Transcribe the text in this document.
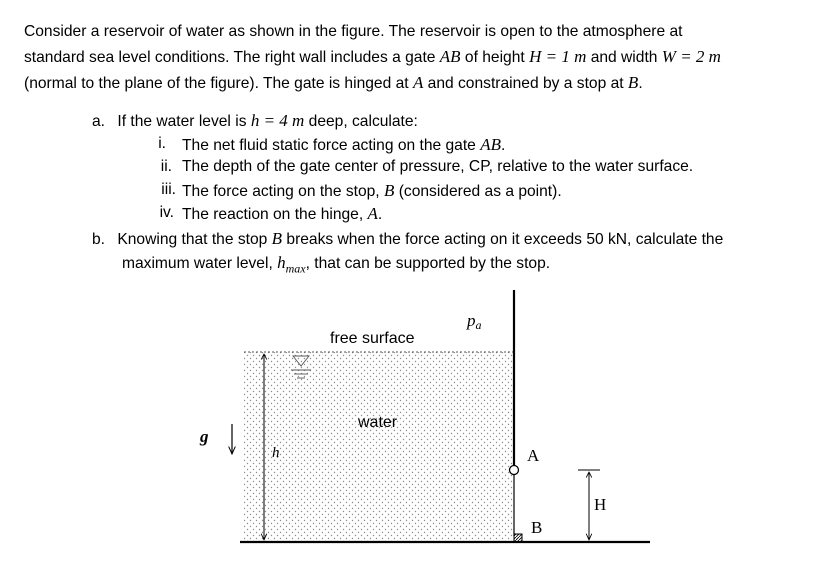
Consider a reservoir of water as shown in the figure. The reservoir is open to the atmosphere at
standard sea level conditions. The right wall includes a gate AB of height H = 1 m and width W = 2 m
(normal to the plane of the figure). The gate is hinged at A and constrained by a stop at B.
a. If the water level is h = 4 m deep, calculate:
i. The net fluid static force acting on the gate AB.
ii. The depth of the gate center of pressure, CP, relative to the water surface.
iii. The force acting on the stop, B (considered as a point).
iv. The reaction on the hinge, A.
b. Knowing that the stop B breaks when the force acting on it exceeds 50 kN, calculate the
maximum water level, $h_{max}$, that can be supported by the stop.
free surface
water
pa
g
h	A
B
H
